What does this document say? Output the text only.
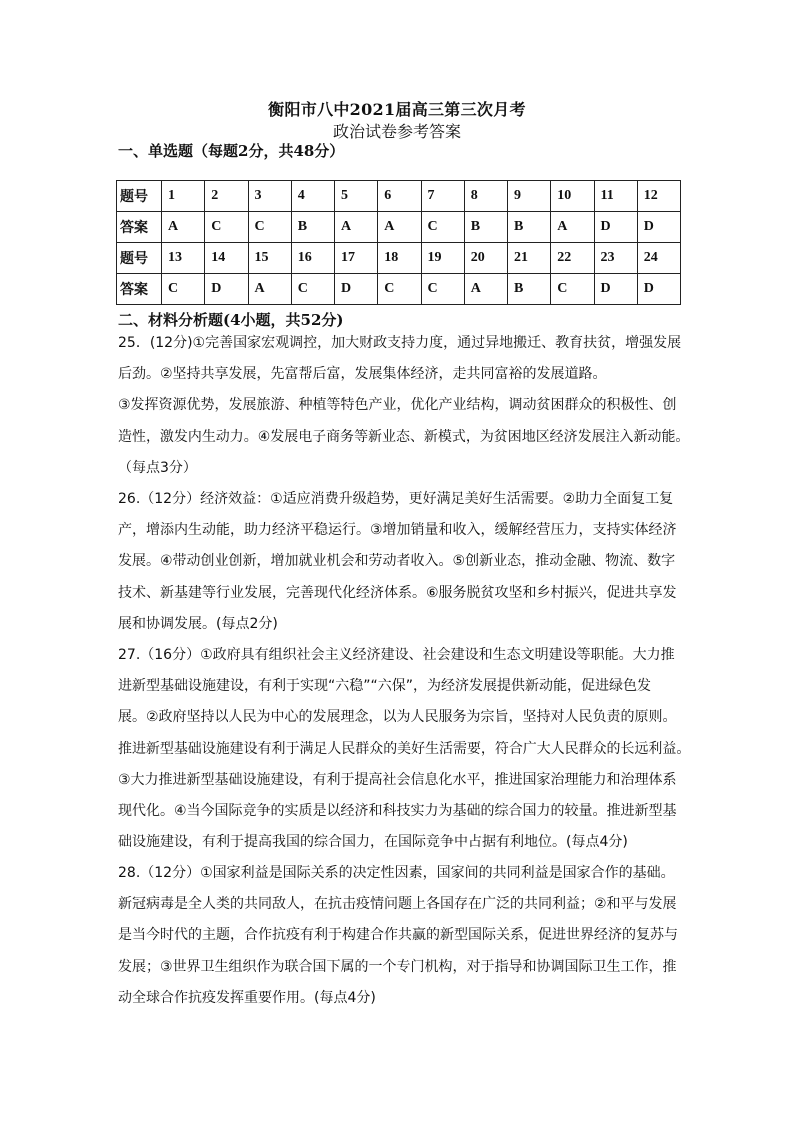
衡阳市八中2021届高三第三次月考
政治试卷参考答案
一、单选题（每题2分，共48分）
题号	1	2	3	4	5	6	7	8	9	10	11	12
答案	A	C	C	B	A	A	C	B	B	A	D	D
题号	13	14	15	16	17	18	19	20	21	22	23	24
答案	C	D	A	C	D	C	C	A	B	C	D	D
二、材料分析题(4小题，共52分)
25．(12分)①完善国家宏观调控，加大财政支持力度，通过异地搬迁、教育扶贫，增强发展
后劲。②坚持共享发展，先富帮后富，发展集体经济，走共同富裕的发展道路。
③发挥资源优势，发展旅游、种植等特色产业，优化产业结构，调动贫困群众的积极性、创
造性，激发内生动力。④发展电子商务等新业态、新模式，为贫困地区经济发展注入新动能。
（每点3分）
26.（12分）经济效益：①适应消费升级趋势，更好满足美好生活需要。②助力全面复工复
产，增添内生动能，助力经济平稳运行。③增加销量和收入，缓解经营压力，支持实体经济
发展。④带动创业创新，增加就业机会和劳动者收入。⑤创新业态，推动金融、物流、数字
技术、新基建等行业发展，完善现代化经济体系。⑥服务脱贫攻坚和乡村振兴，促进共享发
展和协调发展。(每点2分)
27.（16分）①政府具有组织社会主义经济建设、社会建设和生态文明建设等职能。大力推
进新型基础设施建设，有利于实现“六稳”“六保”，为经济发展提供新动能，促进绿色发
展。②政府坚持以人民为中心的发展理念，以为人民服务为宗旨，坚持对人民负责的原则。
推进新型基础设施建设有利于满足人民群众的美好生活需要，符合广大人民群众的长远利益。
③大力推进新型基础设施建设，有利于提高社会信息化水平，推进国家治理能力和治理体系
现代化。④当今国际竞争的实质是以经济和科技实力为基础的综合国力的较量。推进新型基
础设施建设，有利于提高我国的综合国力，在国际竞争中占据有利地位。(每点4分)
28.（12分）①国家利益是国际关系的决定性因素，国家间的共同利益是国家合作的基础。
新冠病毒是全人类的共同敌人，在抗击疫情问题上各国存在广泛的共同利益；②和平与发展
是当今时代的主题，合作抗疫有利于构建合作共赢的新型国际关系，促进世界经济的复苏与
发展；③世界卫生组织作为联合国下属的一个专门机构，对于指导和协调国际卫生工作，推
动全球合作抗疫发挥重要作用。(每点4分)
